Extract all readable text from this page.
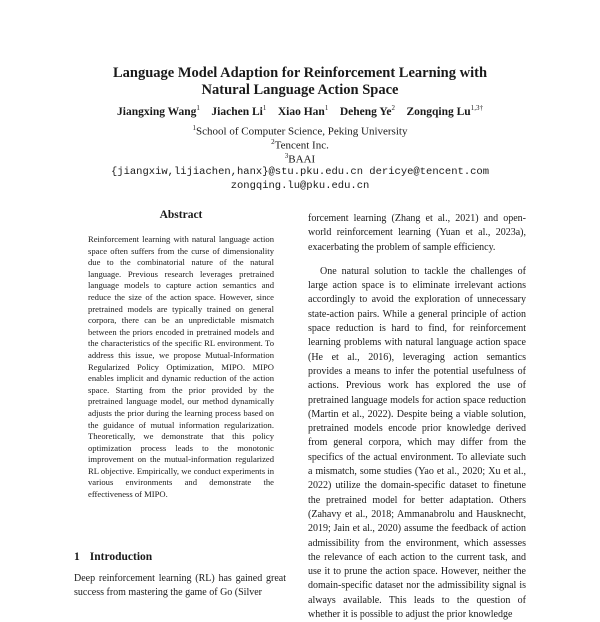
Language Model Adaption for Reinforcement Learning with
Natural Language Action Space
Jiangxing Wang$^1$ Jiachen Li$^1$ Xiao Han$^1$ Deheng Ye$^2$ Zongqing $Lu^{1,3\dagger}$
$^1$School of Computer Science, Peking University
$^2$Tencent Inc.
$^3$BAAI
{jiangxiw,lijiachen,hanx}@stu.pku.edu.cn dericye@tencent.com
zongqing.lu@pku.edu.cn
Abstract

Reinforcement learning with natural language action space often suffers from the curse of dimensionality due to the combinatorial nature of the natural language. Previous research leverages pretrained language models to capture action semantics and reduce the size of the action space. However, since pretrained models are typically trained on general corpora, there can be an unpredictable mismatch between the priors encoded in pretrained models and the characteristics of the specific RL environment. To address this issue, we propose Mutual-Information Regularized Policy Optimization, MIPO. MIPO enables implicit and dynamic reduction of the action space. Starting from the prior provided by the pretrained language model, our method dynamically adjusts the prior during the learning process based on the guidance of mutual information regularization. Theoretically, we demonstrate that this policy optimization process leads to the monotonic improvement on the mutual-information regularized RL objective. Empirically, we conduct experiments in various environments and demonstrate the effectiveness of MIPO.

1 Introduction
Deep reinforcement learning (RL) has gained great success from mastering the game of Go (Silver

forcement learning (Zhang et al., 2021) and open-world reinforcement learning (Yuan et al., 2023a), exacerbating the problem of sample efficiency.

One natural solution to tackle the challenges of large action space is to eliminate irrelevant actions accordingly to avoid the exploration of unnecessary state-action pairs. While a general principle of action space reduction is hard to find, for reinforcement learning problems with natural language action space (He et al., 2016), leveraging action semantics provides a means to infer the potential usefulness of actions. Previous work has explored the use of pretrained language models for action space reduction (Martin et al., 2022). Despite being a viable solution, pretrained models encode prior knowledge derived from general corpora, which may differ from the specifics of the actual environment. To alleviate such a mismatch, some studies (Yao et al., 2020; Xu et al., 2022) utilize the domain-specific dataset to finetune the pretrained model for better adaptation. Others (Zahavy et al., 2018; Ammanabrolu and Hausknecht, 2019; Jain et al., 2020) assume the feedback of action admissibility from the environment, which assesses the relevance of each action to the current task, and use it to prune the action space. However, neither the domain-specific dataset nor the admissibility signal is always available. This leads to the question of whether it is possible to adjust the prior knowledge
